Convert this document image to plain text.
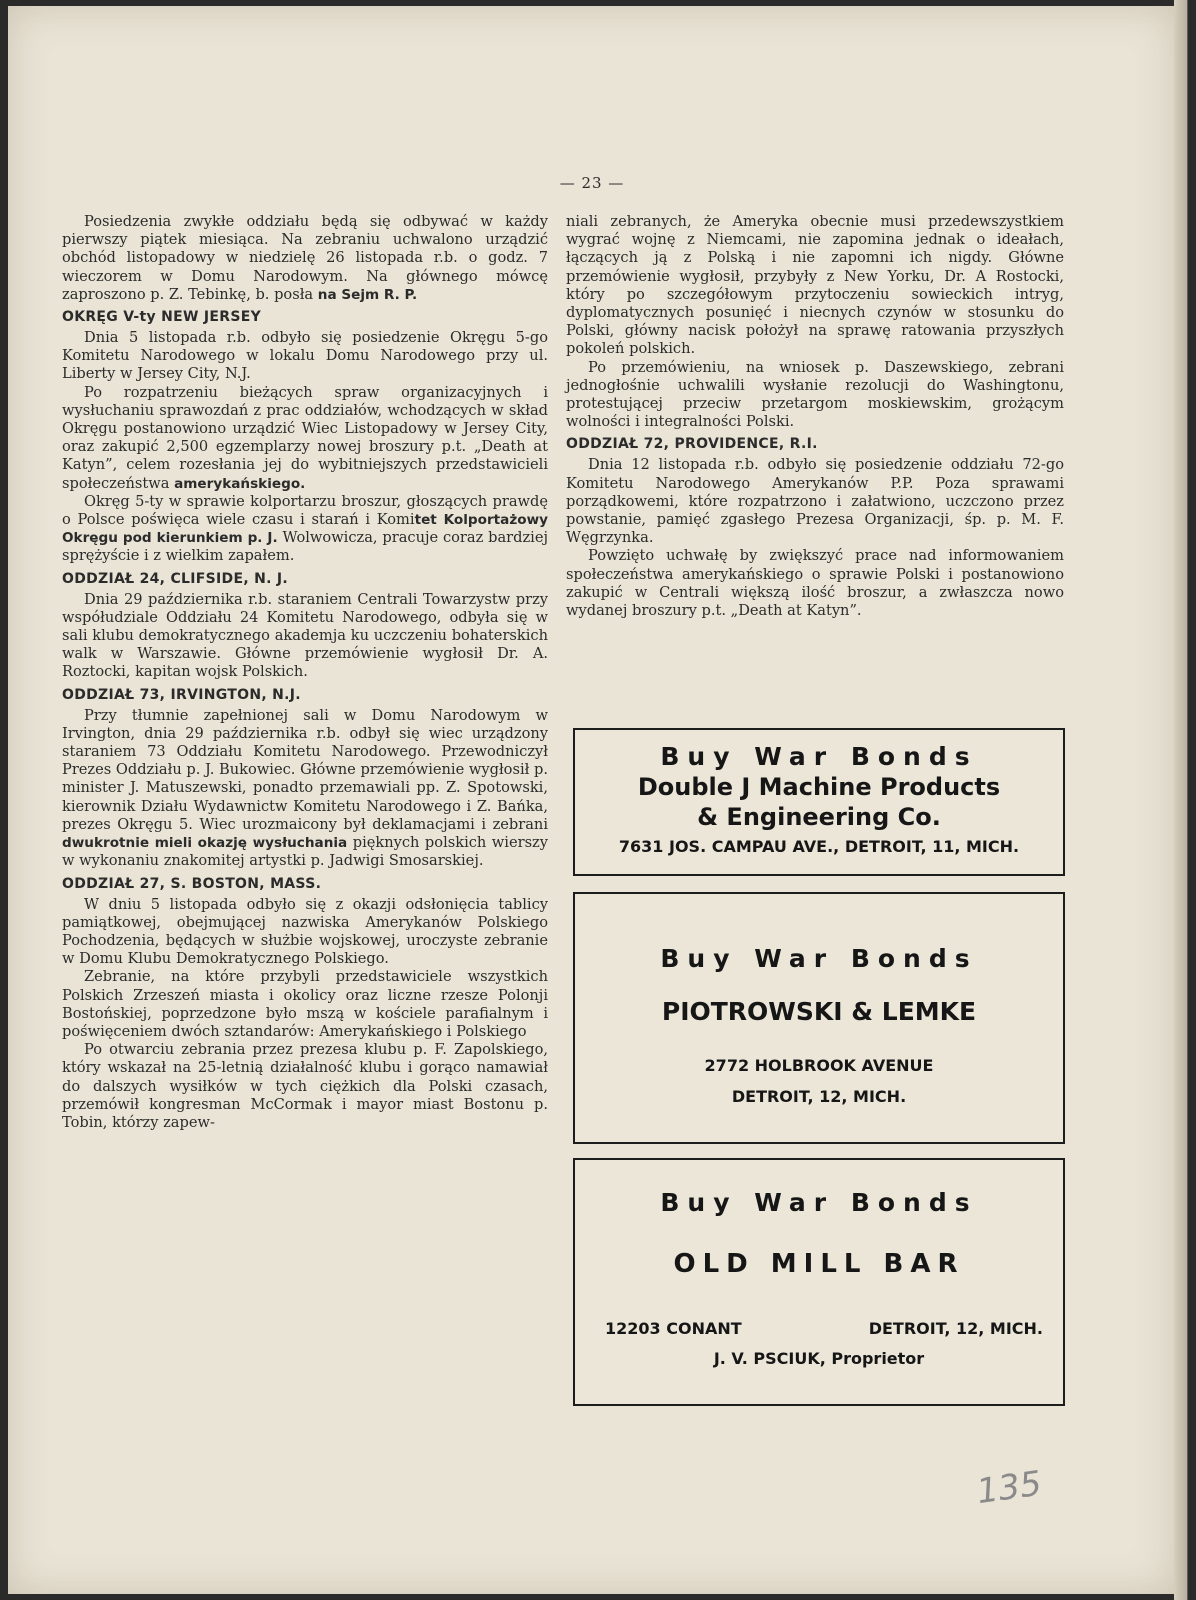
— 23 —

Posiedzenia zwykłe oddziału będą się odbywać w każdy pierwszy piątek miesiąca. Na zebraniu uchwalono urządzić obchód listopadowy w niedzielę 26 listopada r.b. o godz. 7 wieczorem w Domu Narodowym. Na głównego mówcę zaproszono p. Z. Tebinkę, b. posła na Sejm R. P.

OKRĘG V-ty NEW JERSEY

Dnia 5 listopada r.b. odbyło się posiedzenie Okręgu 5-go Komitetu Narodowego w lokalu Domu Narodowego przy ul. Liberty w Jersey City, N.J.

Po rozpatrzeniu bieżących spraw organizacyjnych i wysłuchaniu sprawozdań z prac oddziałów, wchodzących w skład Okręgu postanowiono urządzić Wiec Listopadowy w Jersey City, oraz zakupić 2,500 egzemplarzy nowej broszury p.t. „Death at Katyn”, celem rozesłania jej do wybitniejszych przedstawicieli społeczeństwa amerykańskiego.

Okręg 5-ty w sprawie kolportarzu broszur, głoszących prawdę o Polsce poświęca wiele czasu i starań i Komitet Kolportażowy Okręgu pod kierunkiem p. J. Wolwowicza, pracuje coraz bardziej sprężyście i z wielkim zapałem.

ODDZIAŁ 24, CLIFSIDE, N. J.

Dnia 29 października r.b. staraniem Centrali Towarzystw przy współudziale Oddziału 24 Komitetu Narodowego, odbyła się w sali klubu demokratycznego akademja ku uczczeniu bohaterskich walk w Warszawie. Główne przemówienie wygłosił Dr. A. Roztocki, kapitan wojsk Polskich.

ODDZIAŁ 73, IRVINGTON, N.J.

Przy tłumnie zapełnionej sali w Domu Narodowym w Irvington, dnia 29 października r.b. odbył się wiec urządzony staraniem 73 Oddziału Komitetu Narodowego. Przewodniczył Prezes Oddziału p. J. Bukowiec. Główne przemówienie wygłosił p. minister J. Matuszewski, ponadto przemawiali pp. Z. Spotowski, kierownik Działu Wydawnictw Komitetu Narodowego i Z. Bańka, prezes Okręgu 5. Wiec urozmaicony był deklamacjami i zebrani dwukrotnie mieli okazję wysłuchania pięknych polskich wierszy w wykonaniu znakomitej artystki p. Jadwigi Smosarskiej.

ODDZIAŁ 27, S. BOSTON, MASS.

W dniu 5 listopada odbyło się z okazji odsłonięcia tablicy pamiątkowej, obejmującej nazwiska Amerykanów Polskiego Pochodzenia, będących w służbie wojskowej, uroczyste zebranie w Domu Klubu Demokratycznego Polskiego.

Zebranie, na które przybyli przedstawiciele wszystkich Polskich Zrzeszeń miasta i okolicy oraz liczne rzesze Polonji Bostońskiej, poprzedzone było mszą w kościele parafialnym i poświęceniem dwóch sztandarów: Amerykańskiego i Polskiego

Po otwarciu zebrania przez prezesa klubu p. F. Zapolskiego, który wskazał na 25-letnią działalność klubu i gorąco namawiał do dalszych wysiłków w tych ciężkich dla Polski czasach, przemówił kongresman McCormak i mayor miast Bostonu p. Tobin, którzy zapew-

niali zebranych, że Ameryka obecnie musi przedewszystkiem wygrać wojnę z Niemcami, nie zapomina jednak o ideałach, łączących ją z Polską i nie zapomni ich nigdy. Główne przemówienie wygłosił, przybyły z New Yorku, Dr. A Rostocki, który po szczegółowym przytoczeniu sowieckich intryg, dyplomatycznych posunięć i niecnych czynów w stosunku do Polski, główny nacisk położył na sprawę ratowania przyszłych pokoleń polskich.

Po przemówieniu, na wniosek p. Daszewskiego, zebrani jednogłośnie uchwalili wysłanie rezolucji do Washingtonu, protestującej przeciw przetargom moskiewskim, grożącym wolności i integralności Polski.

ODDZIAŁ 72, PROVIDENCE, R.I.

Dnia 12 listopada r.b. odbyło się posiedzenie oddziału 72-go Komitetu Narodowego Amerykanów P.P. Poza sprawami porządkowemi, które rozpatrzono i załatwiono, uczczono przez powstanie, pamięć zgasłego Prezesa Organizacji, śp. p. M. F. Węgrzynka.

Powzięto uchwałę by zwiększyć prace nad informowaniem społeczeństwa amerykańskiego o sprawie Polski i postanowiono zakupić w Centrali większą ilość broszur, a zwłaszcza nowo wydanej broszury p.t. „Death at Katyn”.

Buy War Bonds
Double J Machine Products
& Engineering Co.
7631 JOS. CAMPAU AVE., DETROIT, 11, MICH.
Buy War Bonds
PIOTROWSKI & LEMKE
2772 HOLBROOK AVENUE
DETROIT, 12, MICH.
Buy War Bonds
OLD MILL BAR
12203 CONANT	DETROIT, 12, MICH.
J. V. PSCIUK, Proprietor
135
